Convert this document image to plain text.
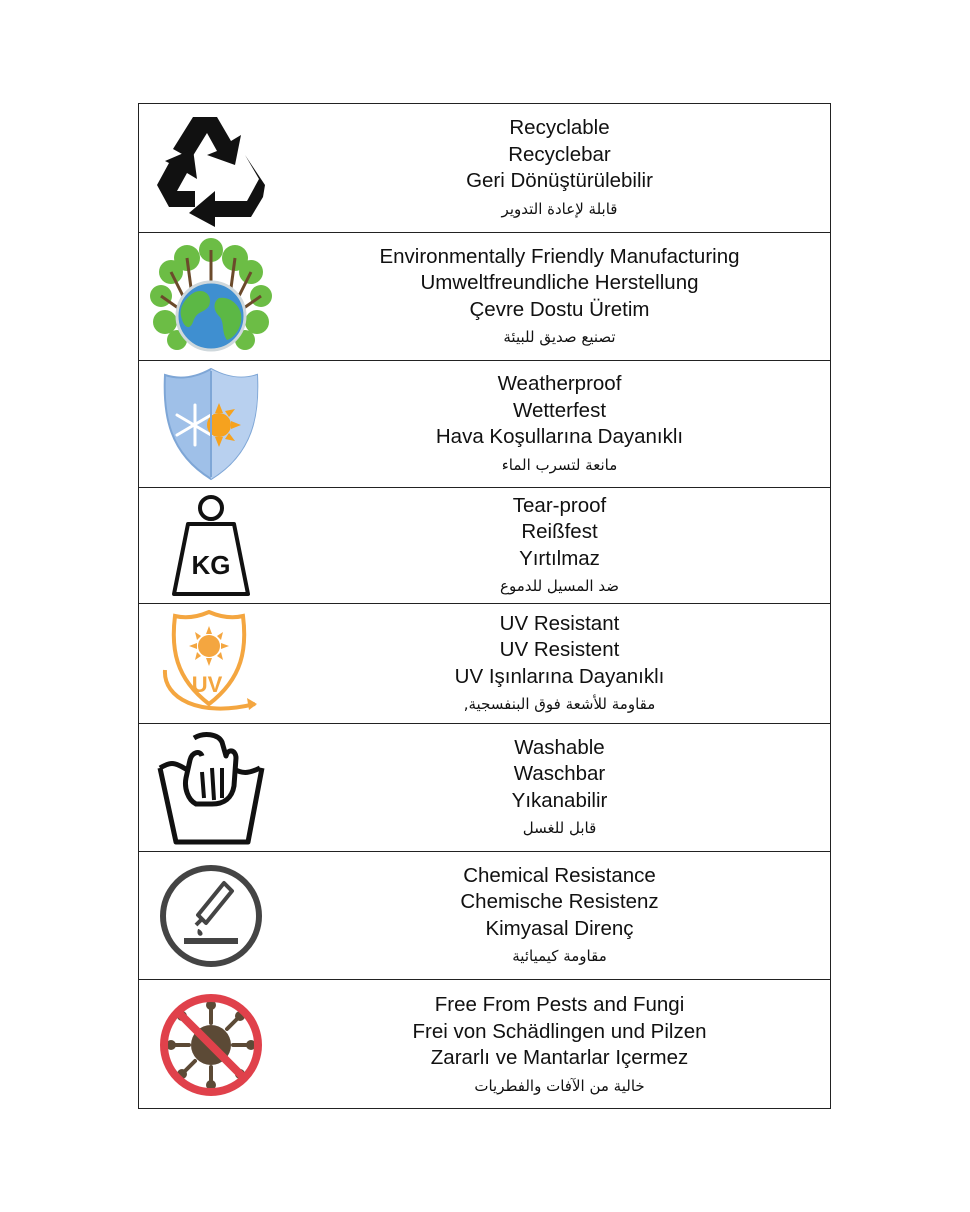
Recyclable
Recyclebar
Geri Dönüştürülebilir
قابلة لإعادة التدوير
Environmentally Friendly Manufacturing
Umweltfreundliche Herstellung
Çevre Dostu Üretim
تصنيع صديق للبيئة
Weatherproof
Wetterfest
Hava Koşullarına Dayanıklı
مانعة لتسرب الماء
KG
Tear-proof
Reißfest
Yırtılmaz
ضد المسيل للدموع
UV
UV Resistant
UV Resistent
UV Işınlarına Dayanıklı
مقاومة للأشعة فوق البنفسجية,
Washable
Waschbar
Yıkanabilir
قابل للغسل
Chemical Resistance
Chemische Resistenz
Kimyasal Direnç
مقاومة كيميائية
Free From Pests and Fungi
Frei von Schädlingen und Pilzen
Zararlı ve Mantarlar Içermez
خالية من الآفات والفطريات
